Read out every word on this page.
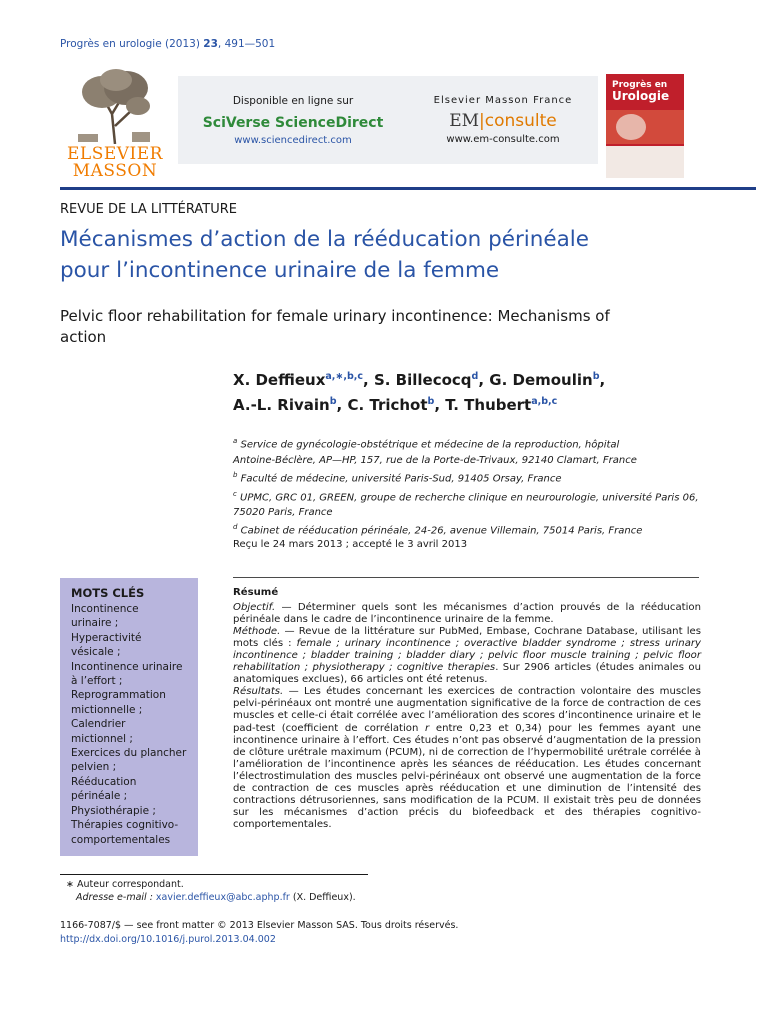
Progrès en urologie (2013) 23, 491—501
ELSEVIER
MASSON
Disponible en ligne sur
SciVerse ScienceDirect
www.sciencedirect.com
Elsevier Masson France
EM|consulte
www.em-consulte.com
Progrès en
Urologie
REVUE DE LA LITTÉRATURE
Mécanismes d’action de la rééducation périnéale
pour l’incontinence urinaire de la femme
Pelvic floor rehabilitation for female urinary incontinence: Mechanisms of
action
X. Deffieux$^{a,∗,b,c}$, S. Billecocq$^d$, G. Demoulin$^b$,
A.-L. Rivain$^b$, C. Trichot$^b$, T. Thubert$^{a,b,c}$
$^a$ Service de gynécologie-obstétrique et médecine de la reproduction, hôpital
Antoine-Béclère, AP—HP, 157, rue de la Porte-de-Trivaux, 92140 Clamart, France
$^b$ Faculté de médecine, université Paris-Sud, 91405 Orsay, France
$^c$ UPMC, GRC 01, GREEN, groupe de recherche clinique en neurourologie, université Paris 06,
75020 Paris, France
$^d$ Cabinet de rééducation périnéale, 24-26, avenue Villemain, 75014 Paris, France
Reçu le 24 mars 2013 ; accepté le 3 avril 2013
MOTS CLÉS
Incontinence
urinaire ;
Hyperactivité
vésicale ;
Incontinence urinaire
à l’effort ;
Reprogrammation
mictionnelle ;
Calendrier
mictionnel ;
Exercices du plancher
pelvien ;
Rééducation
périnéale ;
Physiothérapie ;
Thérapies cognitivo-
comportementales
Résumé
Objectif. — Déterminer quels sont les mécanismes d’action prouvés de la rééducation périnéale dans le cadre de l’incontinence urinaire de la femme.
Méthode. — Revue de la littérature sur PubMed, Embase, Cochrane Database, utilisant les mots clés : female ; urinary incontinence ; overactive bladder syndrome ; stress urinary incontinence ; bladder training ; bladder diary ; pelvic floor muscle training ; pelvic floor rehabilitation ; physiotherapy ; cognitive therapies. Sur 2906 articles (études animales ou anatomiques exclues), 66 articles ont été retenus.
Résultats. — Les études concernant les exercices de contraction volontaire des muscles pelvi-périnéaux ont montré une augmentation significative de la force de contraction de ces muscles et celle-ci était corrélée avec l’amélioration des scores d’incontinence urinaire et le pad-test (coefficient de corrélation r entre 0,23 et 0,34) pour les femmes ayant une incontinence urinaire à l’effort. Ces études n’ont pas observé d’augmentation de la pression de clôture urétrale maximum (PCUM), ni de correction de l’hypermobilité urétrale corrélée à l’amélioration de l’incontinence après les séances de rééducation. Les études concernant l’électrostimulation des muscles pelvi-périnéaux ont observé une augmentation de la force de contraction de ces muscles après rééducation et une diminution de l’intensité des contractions détrusoriennes, sans modification de la PCUM. Il existait très peu de données sur les mécanismes d’action précis du biofeedback et des thérapies cognitivo-comportementales.
∗ Auteur correspondant.
Adresse e-mail : xavier.deffieux@abc.aphp.fr (X. Deffieux).
1166-7087/$ — see front matter © 2013 Elsevier Masson SAS. Tous droits réservés.
http://dx.doi.org/10.1016/j.purol.2013.04.002
